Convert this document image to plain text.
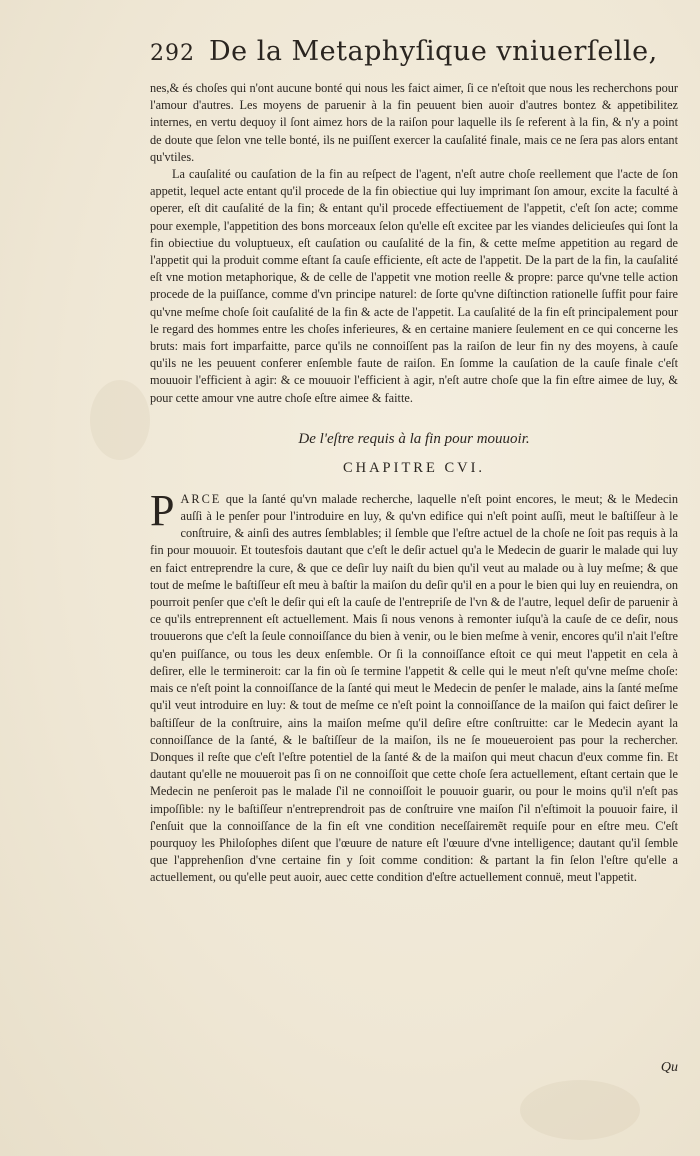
292 De la Metaphyſique vniuerſelle,

nes,& és choſes qui n'ont aucune bonté qui nous les faict aimer, ſi ce n'eſtoit que nous les recherchons pour l'amour d'autres. Les moyens de paruenir à la fin peuuent bien auoir d'autres bontez & appetibilitez internes, en vertu dequoy il ſont aimez hors de la raiſon pour laquelle ils ſe referent à la fin, & n'y a point de doute que ſelon vne telle bonté, ils ne puiſſent exercer la cauſalité finale, mais ce ne ſera pas alors entant qu'vtiles.

La cauſalité ou cauſation de la fin au reſpect de l'agent, n'eſt autre choſe reellement que l'acte de ſon appetit, lequel acte entant qu'il procede de la fin obiectiue qui luy imprimant ſon amour, excite la faculté à operer, eſt dit cauſalité de la fin; & entant qu'il procede effectiuement de l'appetit, c'eſt ſon acte; comme pour exemple, l'appetition des bons morceaux ſelon qu'elle eſt excitee par les viandes delicieuſes qui ſont la fin obiectiue du voluptueux, eſt cauſation ou cauſalité de la fin, & cette meſme appetition au regard de l'appetit qui la produit comme eſtant ſa cauſe efficiente, eſt acte de l'appetit. De la part de la fin, la cauſalité eſt vne motion metaphorique, & de celle de l'appetit vne motion reelle & propre: parce qu'vne telle action procede de la puiſſance, comme d'vn principe naturel: de ſorte qu'vne diſtinction rationelle ſuffit pour faire qu'vne meſme choſe ſoit cauſalité de la fin & acte de l'appetit. La cauſalité de la fin eſt principalement pour le regard des hommes entre les choſes inferieures, & en certaine maniere ſeulement en ce qui concerne les bruts: mais fort imparfaitte, parce qu'ils ne connoiſſent pas la raiſon de leur fin ny des moyens, à cauſe qu'ils ne les peuuent conferer enſemble faute de raiſon. En ſomme la cauſation de la cauſe finale c'eſt mouuoir l'efficient à agir: & ce mouuoir l'efficient à agir, n'eſt autre choſe que la fin eſtre aimee de luy, & pour cette amour vne autre choſe eſtre aimee & faitte.

De l'eſtre requis à la fin pour mouuoir.
CHAPITRE CVI.

PARCE que la ſanté qu'vn malade recherche, laquelle n'eſt point encores, le meut; & le Medecin auſſi à le penſer pour l'introduire en luy, & qu'vn edifice qui n'eſt point auſſi, meut le baſtiſſeur à le conſtruire, & ainſi des autres ſemblables; il ſemble que l'eſtre actuel de la choſe ne ſoit pas requis à la fin pour mouuoir. Et toutesfois dautant que c'eſt le deſir actuel qu'a le Medecin de guarir le malade qui luy en faict entreprendre la cure, & que ce deſir luy naiſt du bien qu'il veut au malade ou à luy meſme; & que tout de meſme le baſtiſſeur eſt meu à baſtir la maiſon du deſir qu'il en a pour le bien qui luy en reuiendra, on pourroit penſer que c'eſt le deſir qui eſt la cauſe de l'entrepriſe de l'vn & de l'autre, lequel deſir de paruenir à ce qu'ils entreprennent eſt actuellement. Mais ſi nous venons à remonter iuſqu'à la cauſe de ce deſir, nous trouuerons que c'eſt la ſeule connoiſſance du bien à venir, ou le bien meſme à venir, encores qu'il n'ait l'eſtre qu'en puiſſance, ou tous les deux enſemble. Or ſi la connoiſſance eſtoit ce qui meut l'appetit en cela à deſirer, elle le termineroit: car la fin où ſe termine l'appetit & celle qui le meut n'eſt qu'vne meſme choſe: mais ce n'eſt point la connoiſſance de la ſanté qui meut le Medecin de penſer le malade, ains la ſanté meſme qu'il veut introduire en luy: & tout de meſme ce n'eſt point la connoiſſance de la maiſon qui faict deſirer le baſtiſſeur de la conſtruire, ains la maiſon meſme qu'il deſire eſtre conſtruitte: car le Medecin ayant la connoiſſance de la ſanté, & le baſtiſſeur de la maiſon, ils ne ſe moueueroient pas pour la rechercher. Donques il reſte que c'eſt l'eſtre potentiel de la ſanté & de la maiſon qui meut chacun d'eux comme fin. Et dautant qu'elle ne mouueroit pas ſi on ne connoiſſoit que cette choſe ſera actuellement, eſtant certain que le Medecin ne penſeroit pas le malade ſ'il ne connoiſſoit le pouuoir guarir, ou pour le moins qu'il n'eſt pas impoſſible: ny le baſtiſſeur n'entreprendroit pas de conſtruire vne maiſon ſ'il n'eſtimoit la pouuoir faire, il ſ'enſuit que la connoiſſance de la fin eſt vne condition neceſſairemẽt requiſe pour en eſtre meu. C'eſt pourquoy les Philoſophes diſent que l'œuure de nature eſt l'œuure d'vne intelligence; dautant qu'il ſemble que l'apprehenſion d'vne certaine fin y ſoit comme condition: & partant la fin ſelon l'eſtre qu'elle a actuellement, ou qu'elle peut auoir, auec cette condition d'eſtre actuellement connuë, meut l'appetit.

Qu
